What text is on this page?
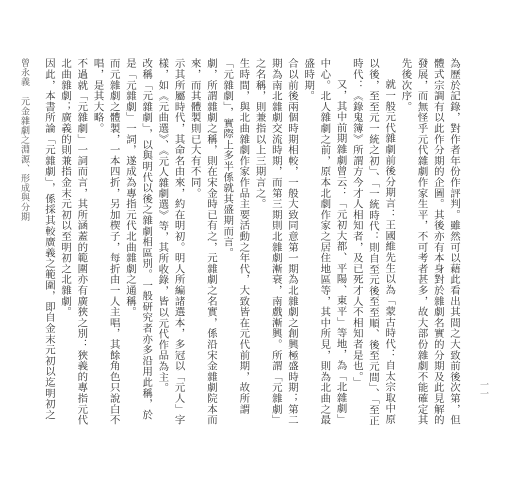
為歷於記錄，對作者年份作評判。雖然可以藉此看出其間之大致前後次第，但體式宗調有以此作分期的企圖。其後亦有本身對於雜劇名實的分期及此見解的發展，而無怪乎元代雜劇作家生平，不可考者甚多，故大部份雜劇不能確定其先後次序。

就一般元代雜劇前後分期言：王國維先生以為「蒙古時代：自太宗取中原以後，至至元一統之初」、「一統時代：則自至元後至至順、後至元間」、「至正時代：《錄鬼簿》所謂方今才人相知者，及已死才人不相知者是也。」

又，其中前期雜劇曾云：「元初大都、平陽、東平」等地，為「北雜劇」中心。北人雜劇之前，原本北劇作家之居住地區等，其中所見，則為北曲之最盛時期。

合以前後兩個時期相較，一般大致同意第一期為北雜劇之創興極盛時期；第二期為南北雜劇交流時期，而第三期則北雜劇漸衰，南戲漸興。所謂「元雜劇」之名稱，則兼指以上三期言之。

生時間，與北曲雜劇作家作品主要活動之年代，大致皆在元代前期，故所謂「元雜劇」，實際上多半係就其盛期而言。

劇，所謂雜劇之稱，則在宋金時已有之，元雜劇之名實，係沿宋金雜劇院本而來，而其體製則已大有不同。

示其所屬時代，其命名由來，約在明初。明人所編諸選本，多冠以「元人」字樣，如《元曲選》、《元人雜劇選》等，其所收錄，皆以元代作品為主。

改稱「元雜劇」，以與明代以後之雜劇相區別。一般研究者亦多沿用此稱，於是「元雜劇」一詞，遂成為專指元代北曲雜劇之通稱。

而元雜劇之體製，一本四折，另加楔子，每折由一人主唱，其餘角色只說白不唱，是其大略。

不過就「元雜劇」一詞而言，其所涵蓋的範圍亦有廣狹之別：狹義的專指元代北曲雜劇；廣義的則兼指金末元初以至明初之北雜劇。

因此，本書所論「元雜劇」，係採其較廣義之範圍，即自金末元初以迄明初之

曾永義元金雜劇之淵源、形成與分期
一一
